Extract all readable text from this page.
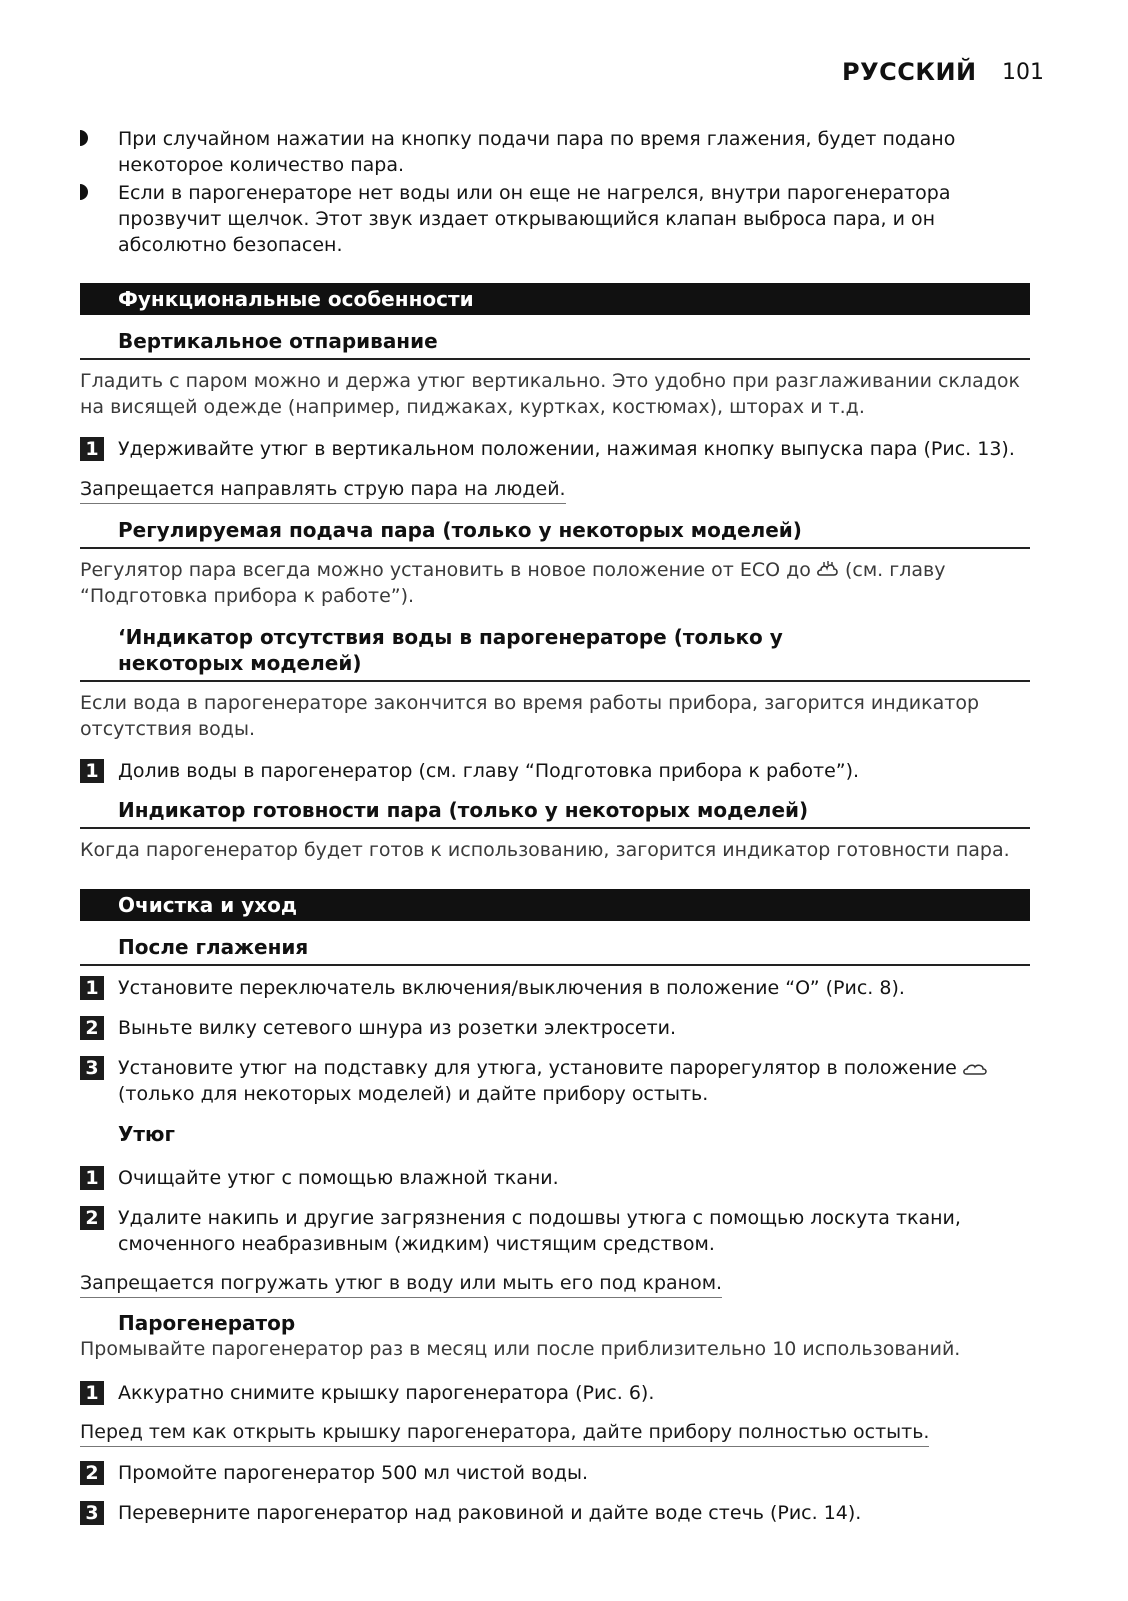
РУССКИЙ 101
При случайном нажатии на кнопку подачи пара по время глажения, будет подано некоторое количество пара.
Если в парогенераторе нет воды или он еще не нагрелся, внутри парогенератора прозвучит щелчок. Этот звук издает открывающийся клапан выброса пара, и он абсолютно безопасен.
Функциональные особенности
Вертикальное отпаривание
Гладить с паром можно и держа утюг вертикально. Это удобно при разглаживании складок на висящей одежде (например, пиджаках, куртках, костюмах), шторах и т.д.
1 Удерживайте утюг в вертикальном положении, нажимая кнопку выпуска пара (Рис. 13).
Запрещается направлять струю пара на людей.
Регулируемая подача пара (только у некоторых моделей)
Регулятор пара всегда можно установить в новое положение от ECO до (см. главу
“Подготовка прибора к работе”).
‘Индикатор отсутствия воды в парогенераторе (только у
некоторых моделей)
Если вода в парогенераторе закончится во время работы прибора, загорится индикатор отсутствия воды.
1 Долив воды в парогенератор (см. главу “Подготовка прибора к работе”).
Индикатор готовности пара (только у некоторых моделей)
Когда парогенератор будет готов к использованию, загорится индикатор готовности пара.
Очистка и уход
После глажения
1 Установите переключатель включения/выключения в положение “O” (Рис. 8).
2 Выньте вилку сетевого шнура из розетки электросети.
3 Установите утюг на подставку для утюга, установите парорегулятор в положение
(только для некоторых моделей) и дайте прибору остыть.
Утюг
1 Очищайте утюг с помощью влажной ткани.
2 Удалите накипь и другие загрязнения с подошвы утюга с помощью лоскута ткани,
смоченного неабразивным (жидким) чистящим средством.
Запрещается погружать утюг в воду или мыть его под краном.
Парогенератор
Промывайте парогенератор раз в месяц или после приблизительно 10 использований.
1 Аккуратно снимите крышку парогенератора (Рис. 6).
Перед тем как открыть крышку парогенератора, дайте прибору полностью остыть.
2 Промойте парогенератор 500 мл чистой воды.
3 Переверните парогенератор над раковиной и дайте воде стечь (Рис. 14).
